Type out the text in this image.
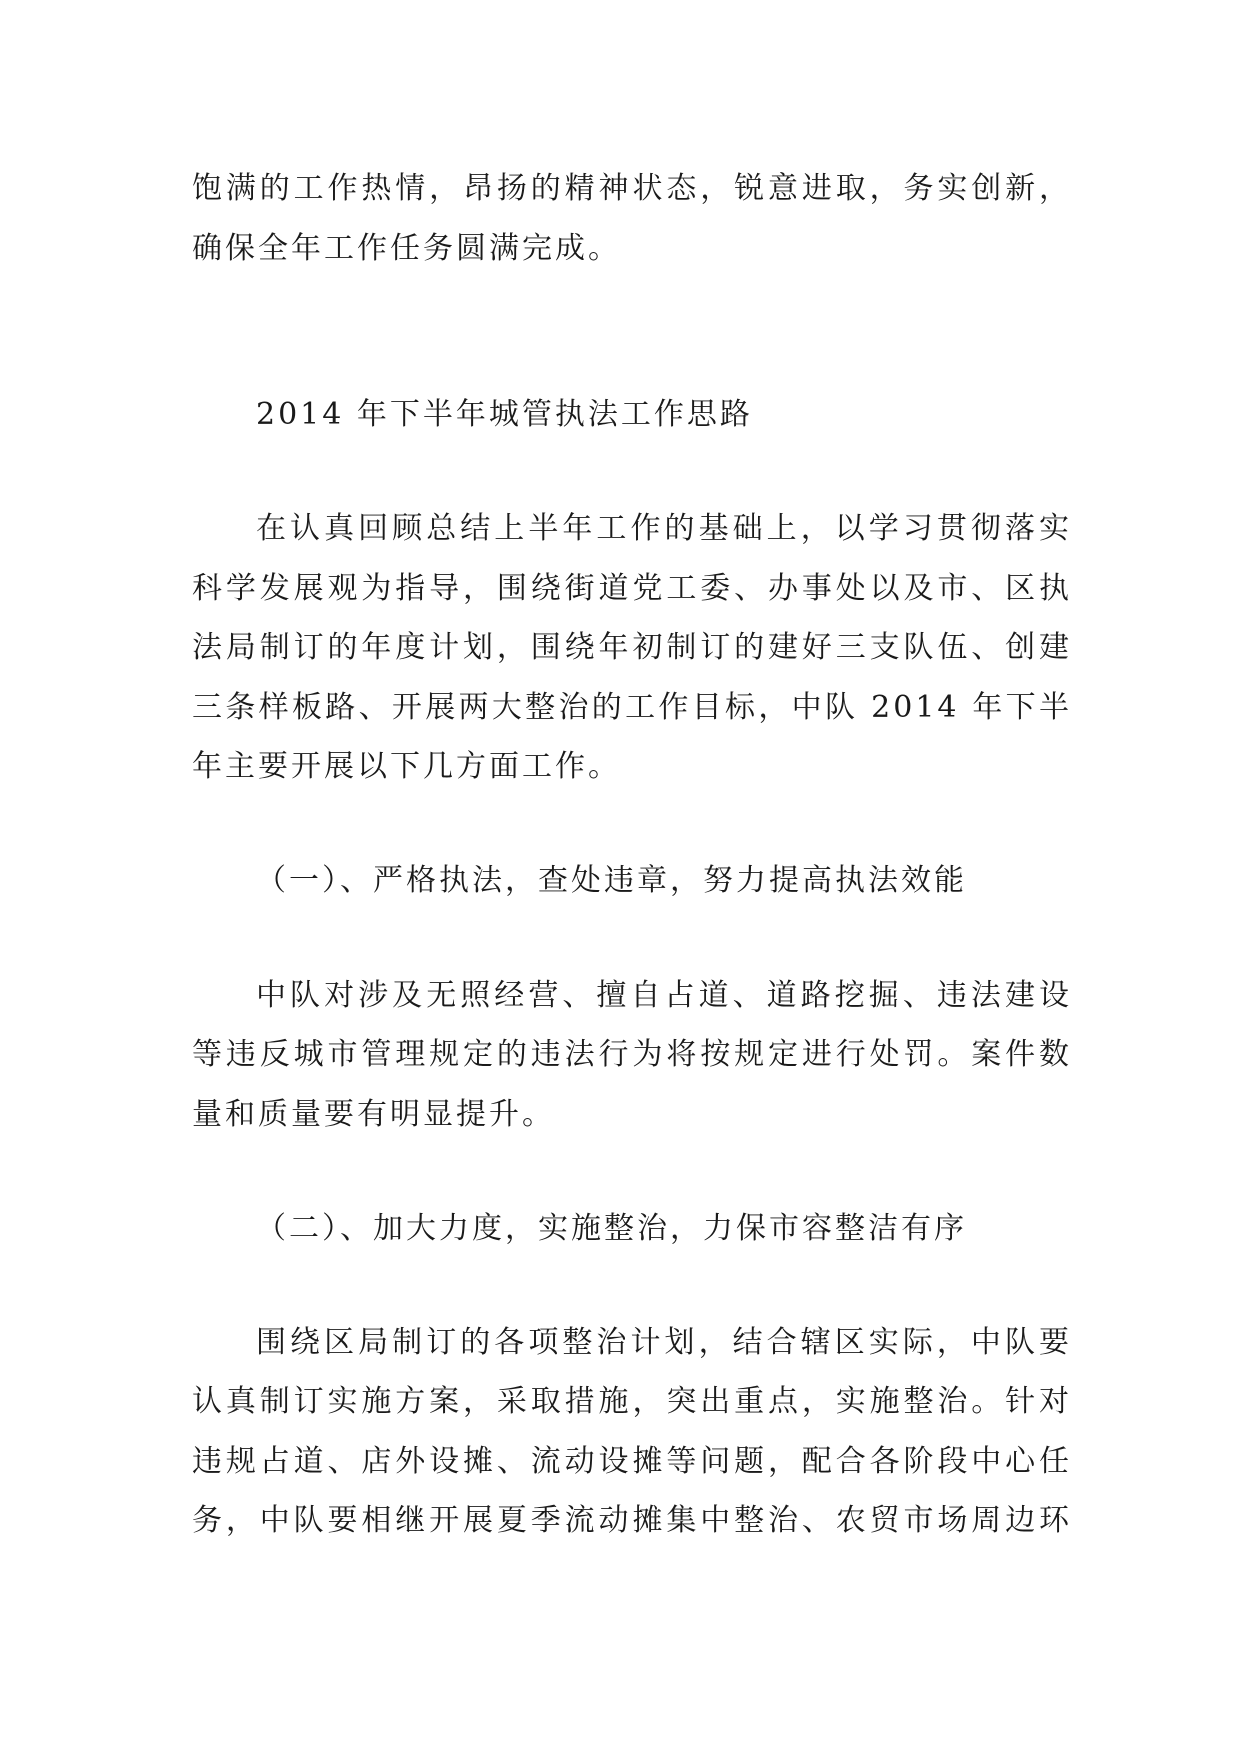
饱满的工作热情，昂扬的精神状态，锐意进取，务实创新，
确保全年工作任务圆满完成。
2014 年下半年城管执法工作思路
在认真回顾总结上半年工作的基础上，以学习贯彻落实
科学发展观为指导，围绕街道党工委、办事处以及市、区执
法局制订的年度计划，围绕年初制订的建好三支队伍、创建
三条样板路、开展两大整治的工作目标，中队 2014 年下半
年主要开展以下几方面工作。
（一）、严格执法，查处违章，努力提高执法效能
中队对涉及无照经营、擅自占道、道路挖掘、违法建设
等违反城市管理规定的违法行为将按规定进行处罚。案件数
量和质量要有明显提升。
（二）、加大力度，实施整治，力保市容整洁有序
围绕区局制订的各项整治计划，结合辖区实际，中队要
认真制订实施方案，采取措施，突出重点，实施整治。针对
违规占道、店外设摊、流动设摊等问题，配合各阶段中心任
务，中队要相继开展夏季流动摊集中整治、农贸市场周边环
